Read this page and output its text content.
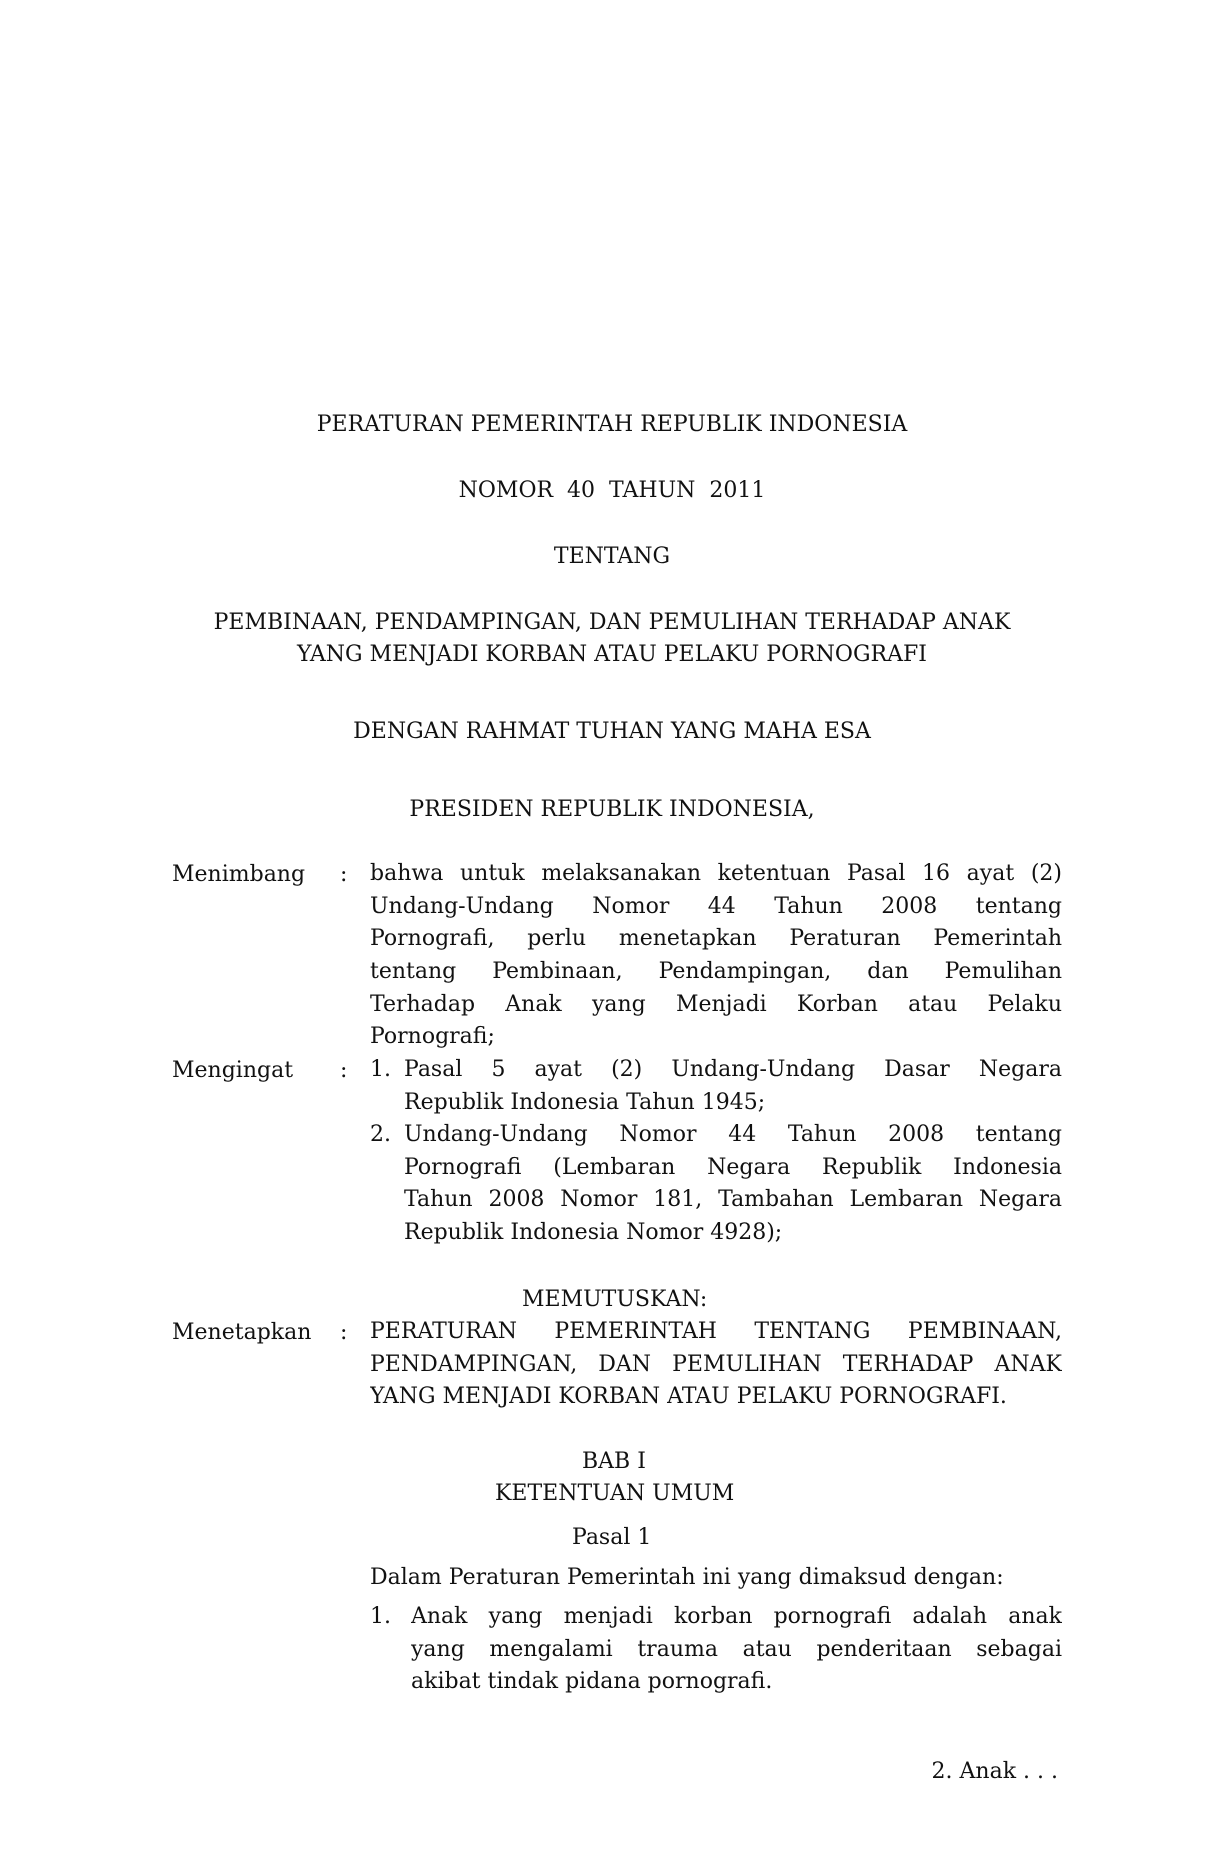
PERATURAN PEMERINTAH REPUBLIK INDONESIA
NOMOR  40  TAHUN  2011
TENTANG
PEMBINAAN, PENDAMPINGAN, DAN PEMULIHAN TERHADAP ANAK
YANG MENJADI KORBAN ATAU PELAKU PORNOGRAFI
DENGAN RAHMAT TUHAN YANG MAHA ESA
PRESIDEN REPUBLIK INDONESIA,
Menimbang : bahwa untuk melaksanakan ketentuan Pasal 16 ayat (2)
Undang-Undang Nomor 44 Tahun 2008 tentang
Pornografi, perlu menetapkan Peraturan Pemerintah
tentang Pembinaan, Pendampingan, dan Pemulihan
Terhadap Anak yang Menjadi Korban atau Pelaku
Pornografi;
Mengingat : 1. Pasal 5 ayat (2) Undang-Undang Dasar Negara
Republik Indonesia Tahun 1945;
2. Undang-Undang Nomor 44 Tahun 2008 tentang
Pornografi (Lembaran Negara Republik Indonesia
Tahun 2008 Nomor 181, Tambahan Lembaran Negara
Republik Indonesia Nomor 4928);
MEMUTUSKAN:
Menetapkan : PERATURAN PEMERINTAH TENTANG PEMBINAAN,
PENDAMPINGAN, DAN PEMULIHAN TERHADAP ANAK
YANG MENJADI KORBAN ATAU PELAKU PORNOGRAFI.
BAB I
KETENTUAN UMUM
Pasal 1
Dalam Peraturan Pemerintah ini yang dimaksud dengan:
1. Anak yang menjadi korban pornografi adalah anak
yang mengalami trauma atau penderitaan sebagai
akibat tindak pidana pornografi.
2. Anak . . .
